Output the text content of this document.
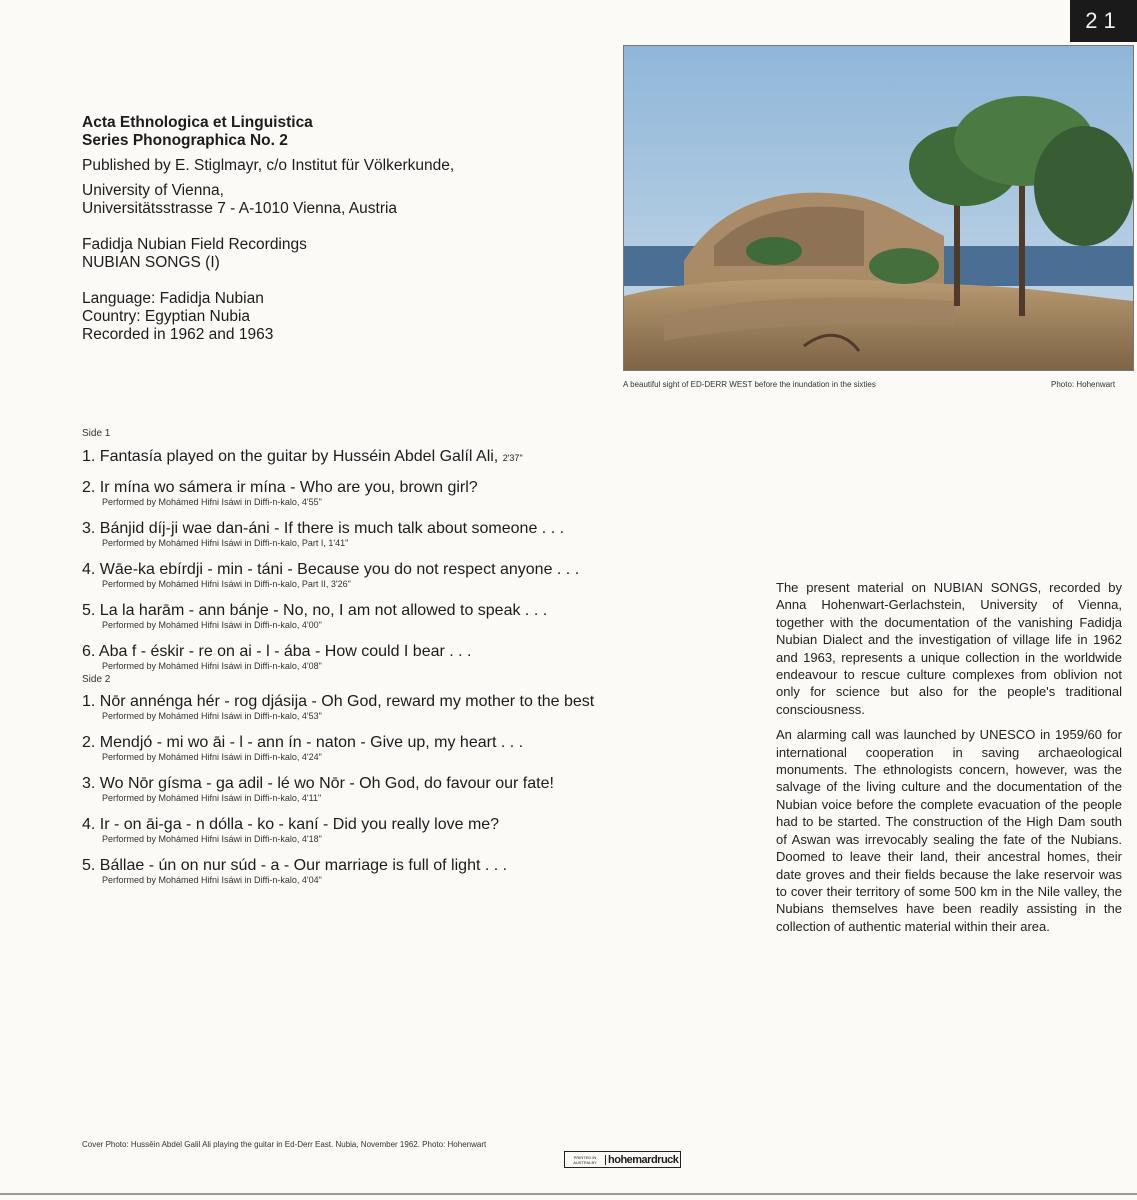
21
Acta Ethnologica et Linguistica
Series Phonographica No. 2
Published by E. Stiglmayr, c/o Institut für Völkerkunde,
University of Vienna,
Universitätsstrasse 7 - A-1010 Vienna, Austria
Fadidja Nubian Field Recordings
NUBIAN SONGS (I)
Language: Fadidja Nubian
Country: Egyptian Nubia
Recorded in 1962 and 1963
A beautiful sight of ED-DERR WEST before the inundation in the sixties	Photo: Hohenwart
Side 1
1. Fantasía played on the guitar by Husséin Abdel Galíl Ali, 2'37"
2. Ir mína wo sámera ir mína - Who are you, brown girl?
Performed by Mohámed Hifni Isáwi in Diffi-n-kalo, 4'55"
3. Bánjid díj-ji wae dan-áni - If there is much talk about someone . . .
Performed by Mohámed Hifni Isáwi in Diffi-n-kalo, Part I, 1'41"
4. Wāe-ka ebírdji - min - táni - Because you do not respect anyone . . .
Performed by Mohámed Hifni Isáwi in Diffi-n-kalo, Part II, 3'26"
5. La la harām - ann bánje - No, no, I am not allowed to speak . . .
Performed by Mohámed Hifni Isáwi in Diffi-n-kalo, 4'00"
6. Aba f - éskir - re on ai - l - ába - How could I bear . . .
Performed by Mohámed Hifni Isáwi in Diffi-n-kalo, 4'08"
Side 2
1. Nōr annénga hér - rog djásija - Oh God, reward my mother to the best
Performed by Mohámed Hifni Isáwi in Diffi-n-kalo, 4'53"
2. Mendjó - mi wo āi - l - ann ín - naton - Give up, my heart . . .
Performed by Mohámed Hifni Isáwi in Diffi-n-kalo, 4'24"
3. Wo Nōr gísma - ga adil - lé wo Nōr - Oh God, do favour our fate!
Performed by Mohámed Hifni Isáwi in Diffi-n-kalo, 4'11"
4. Ir - on āi-ga - n dólla - ko - kaní - Did you really love me?
Performed by Mohámed Hifni Isáwi in Diffi-n-kalo, 4'18"
5. Bállae - ún on nur súd - a - Our marriage is full of light . . .
Performed by Mohámed Hifni Isáwi in Diffi-n-kalo, 4'04"

The present material on NUBIAN SONGS, recorded by Anna Hohenwart-Gerlachstein, University of Vienna, together with the documentation of the vanishing Fadidja Nubian Dialect and the investigation of village life in 1962 and 1963, represents a unique collection in the worldwide endeavour to rescue culture complexes from oblivion not only for science but also for the people's traditional consciousness.

An alarming call was launched by UNESCO in 1959/60 for international cooperation in saving archaeological monuments. The ethnologists concern, however, was the salvage of the living culture and the documentation of the Nubian voice before the complete evacuation of the people had to be started. The construction of the High Dam south of Aswan was irrevocably sealing the fate of the Nubians. Doomed to leave their land, their ancestral homes, their date groves and their fields because the lake reservoir was to cover their territory of some 500 km in the Nile valley, the Nubians themselves have been readily assisting in the collection of authentic material within their area.

Cover Photo: Hussēin Abdel Galil Ali playing the guitar in Ed-Derr East. Nubia, November 1962. Photo: Hohenwart
PRINTED IN AUSTRIA BY	hohemardruck
